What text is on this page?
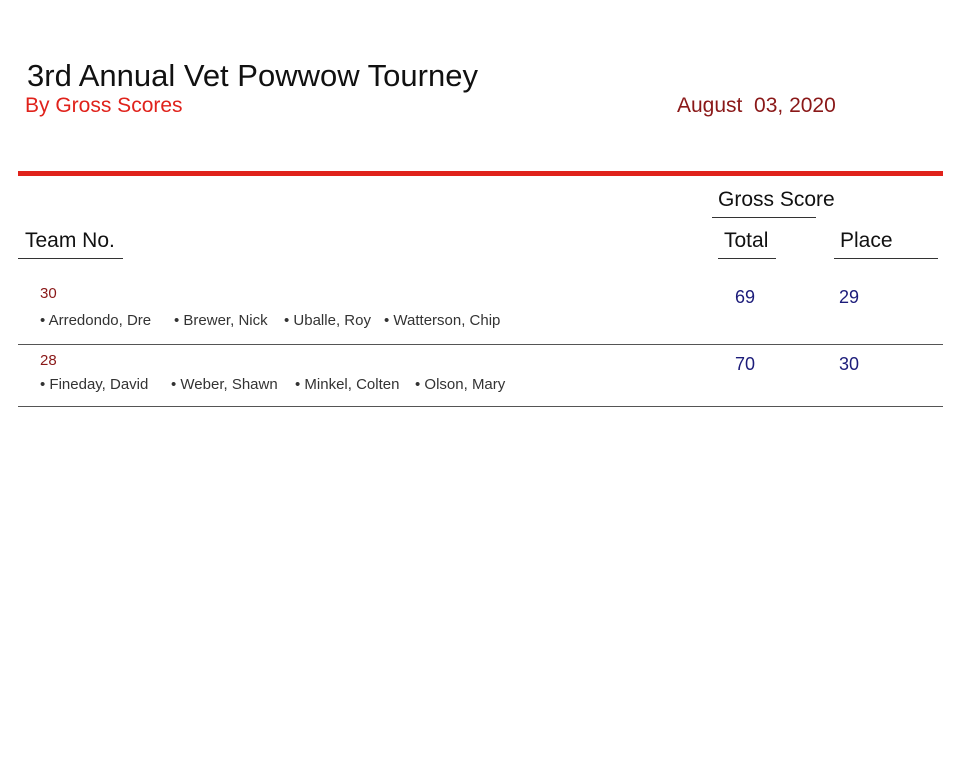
3rd Annual Vet Powwow Tourney
By Gross Scores	August  03, 2020
Gross Score
Team No.	Total	Place
30
• Arredondo, Dre • Brewer, Nick • Uballe, Roy • Watterson, Chip
69	29
28
• Fineday, David • Weber, Shawn • Minkel, Colten • Olson, Mary
70	30
